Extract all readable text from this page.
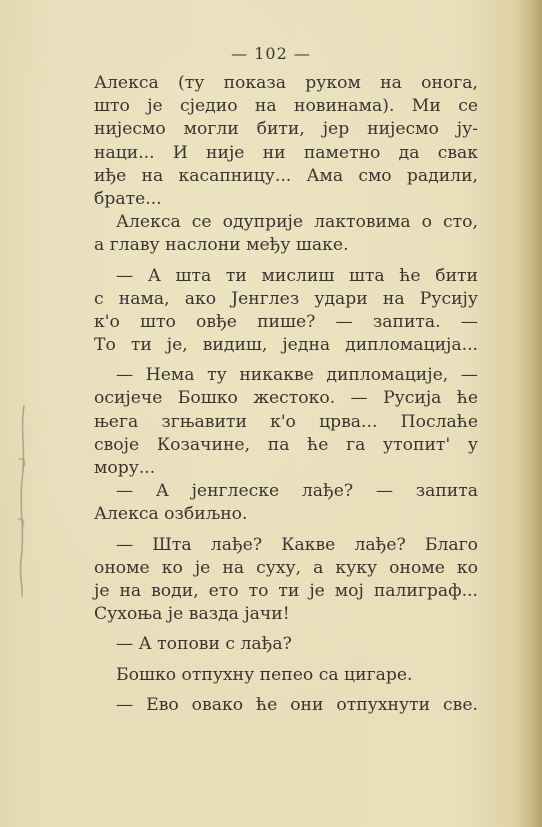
— 102 —
Алекса (ту показа руком на онога,
што је сједио на новинама). Ми се
нијесмо могли бити, јер нијесмо ју-
наци... И није ни паметно да свак
иђе на касапницу... Ама смо радили,
брате...
Алекса се одуприје лактовима о сто,
а главу наслони међу шаке.
— А шта ти мислиш шта ће бити
с нама, ако Јенглез удари на Русију
к'о што овђе пише? — запита. —
То ти је, видиш, једна дипломација...
— Нема ту никакве дипломације, —
осијече Бошко жестоко. — Русија ће
њега згњавити к'о црва... Послаће
своје Козачине, па ће га утопит' у
мору...
— А јенглеске лађе? — запита
Алекса озбиљно.
— Шта лађе? Какве лађе? Благо
ономе ко је на суху, а куку ономе ко
је на води, ето то ти је мој палиграф...
Сухоња је вазда јачи!
— А топови с лађа?
Бошко отпухну пепео са цигаре.
— Ево овако ће они отпухнути све.
